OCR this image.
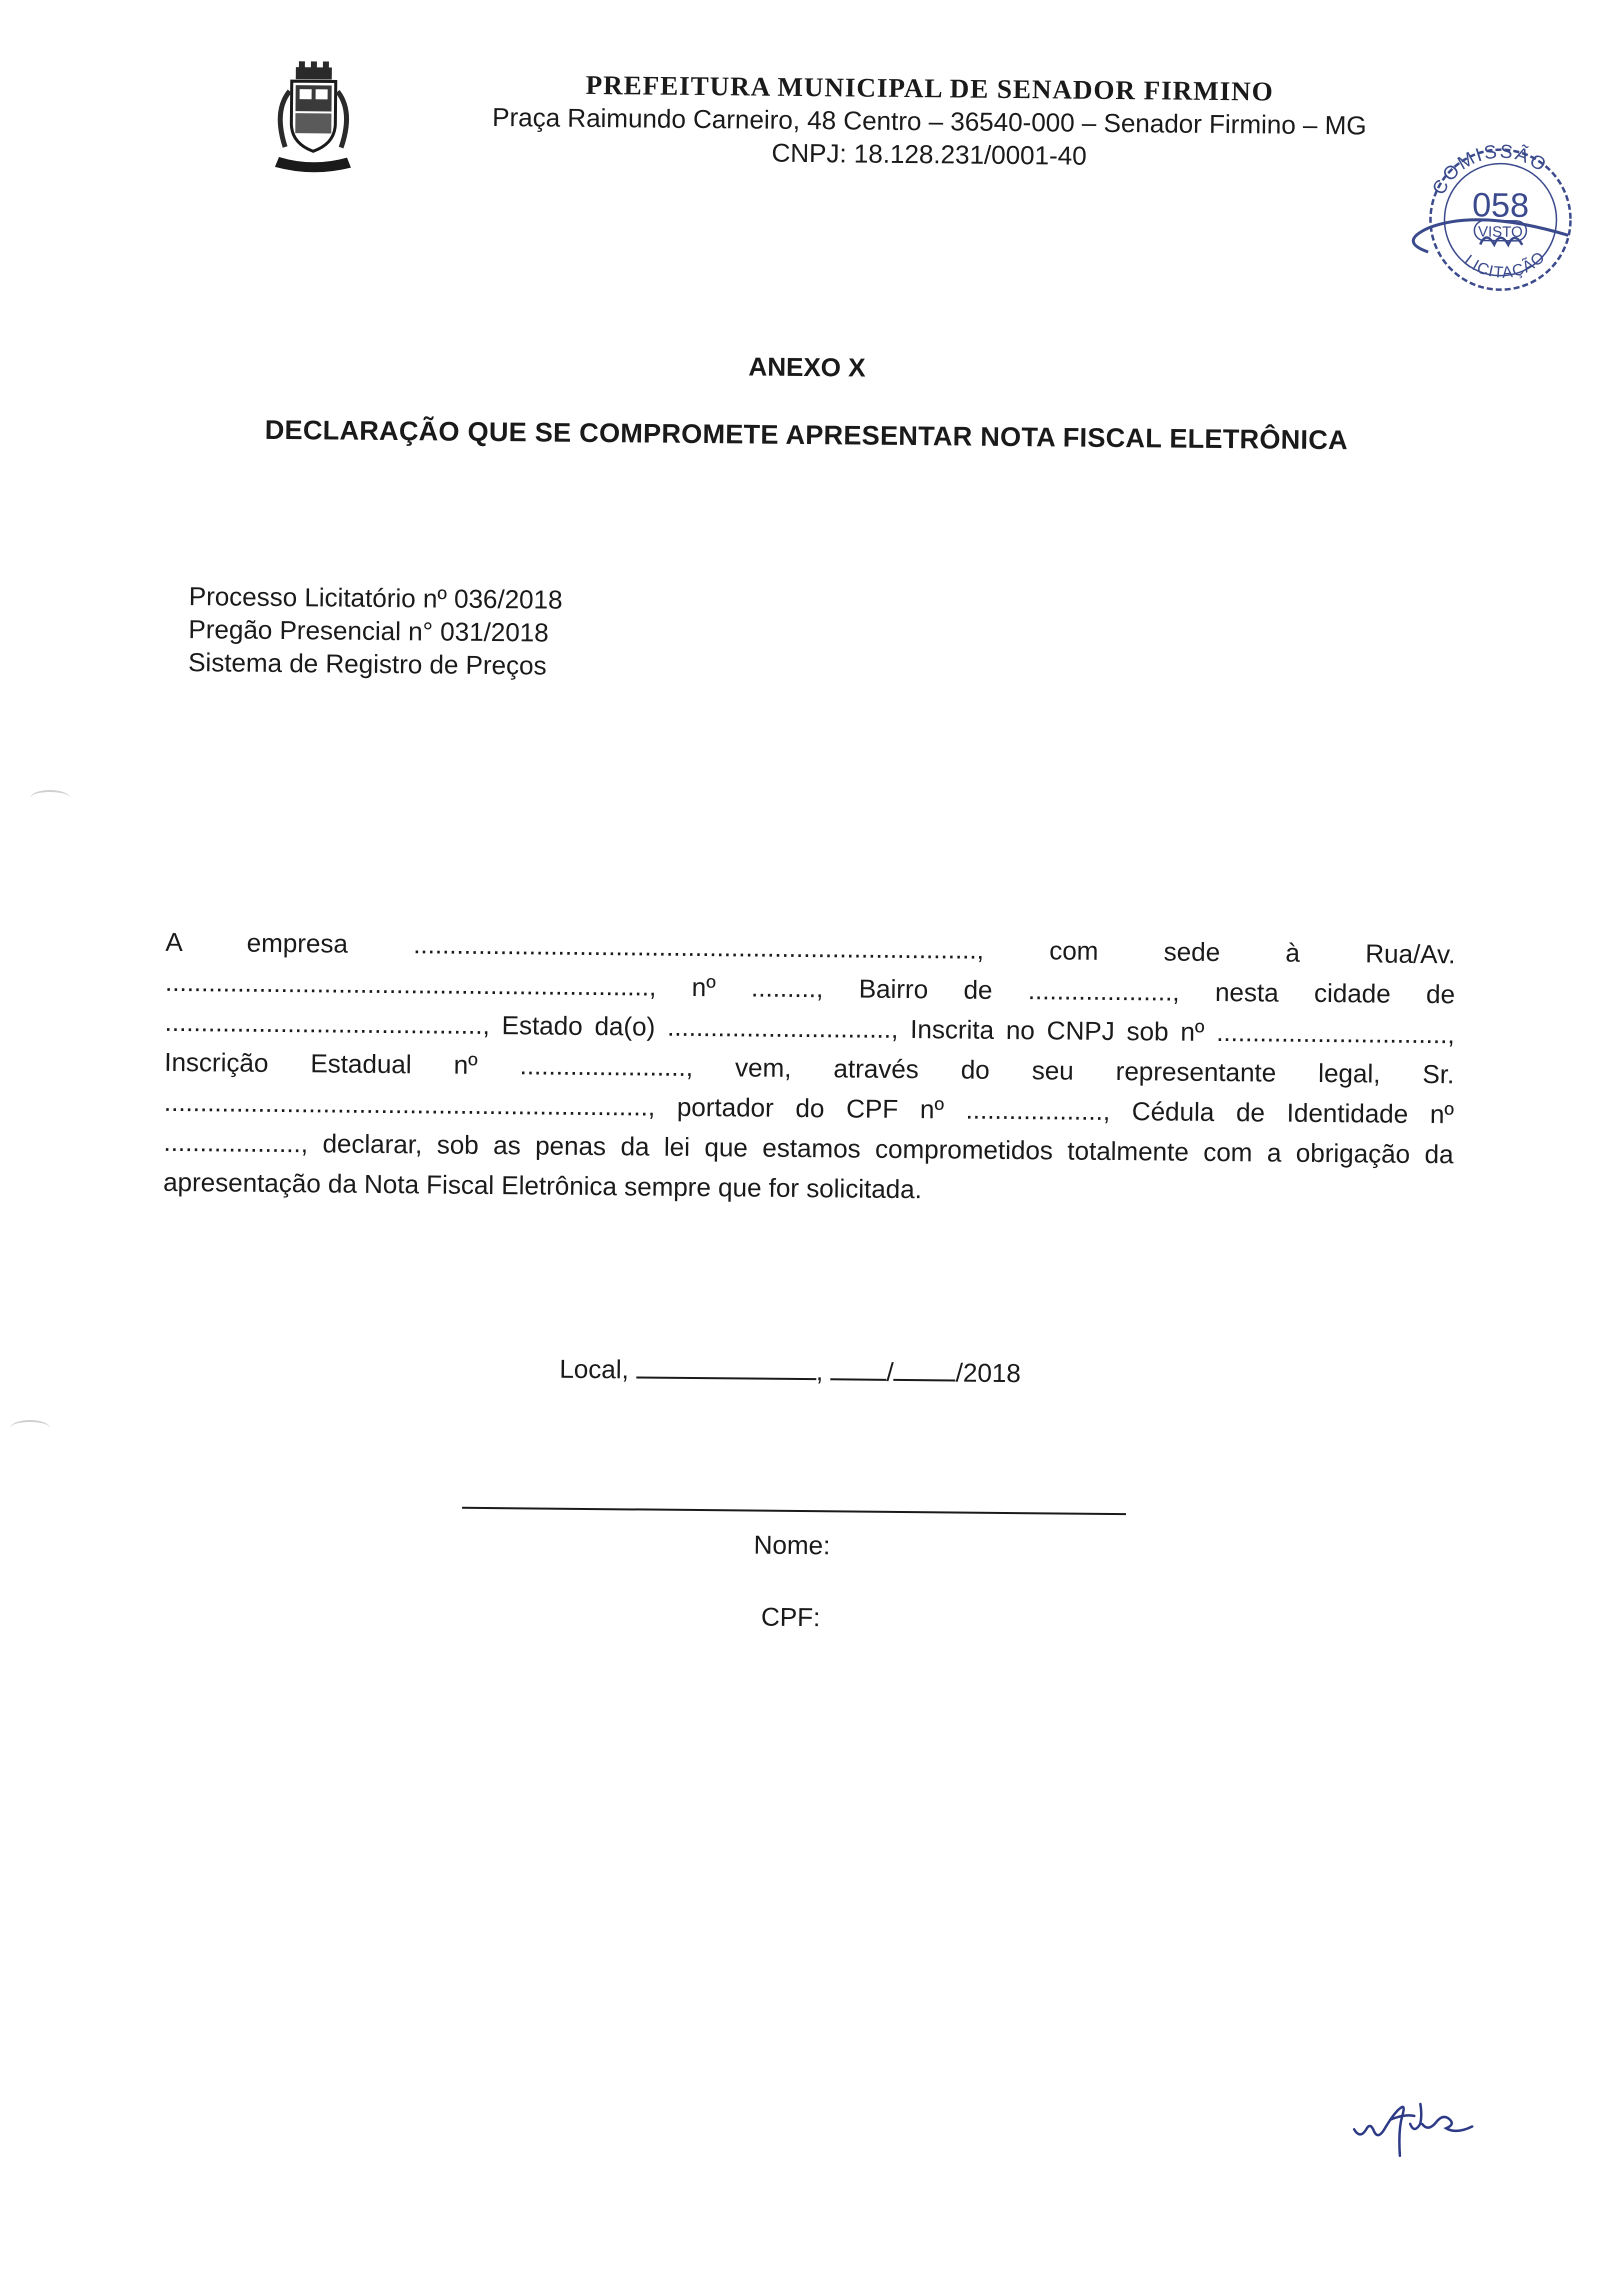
PREFEITURA MUNICIPAL DE SENADOR FIRMINO
Praça Raimundo Carneiro, 48 Centro – 36540-000 – Senador Firmino – MG
CNPJ: 18.128.231/0001-40
COMISSÃO
058
VISTO
LICITAÇÃO
ANEXO X
DECLARAÇÃO QUE SE COMPROMETE APRESENTAR NOTA FISCAL ELETRÔNICA
Processo Licitatório nº 036/2018
Pregão Presencial n° 031/2018
Sistema de Registro de Preços
A empresa .............................................................................., com sede à Rua/Av. ..................................................................., nº ........., Bairro de ...................., nesta cidade de ............................................, Estado da(o) ..............................., Inscrita no CNPJ sob nº ................................, Inscrição Estadual nº ......................., vem, através do seu representante legal, Sr. ..................................................................., portador do CPF nº ..................., Cédula de Identidade nº ..................., declarar, sob as penas da lei que estamos comprometidos totalmente com a obrigação da apresentação da Nota Fiscal Eletrônica sempre que for solicitada.
Local,	, / /2018
Nome:
CPF:
